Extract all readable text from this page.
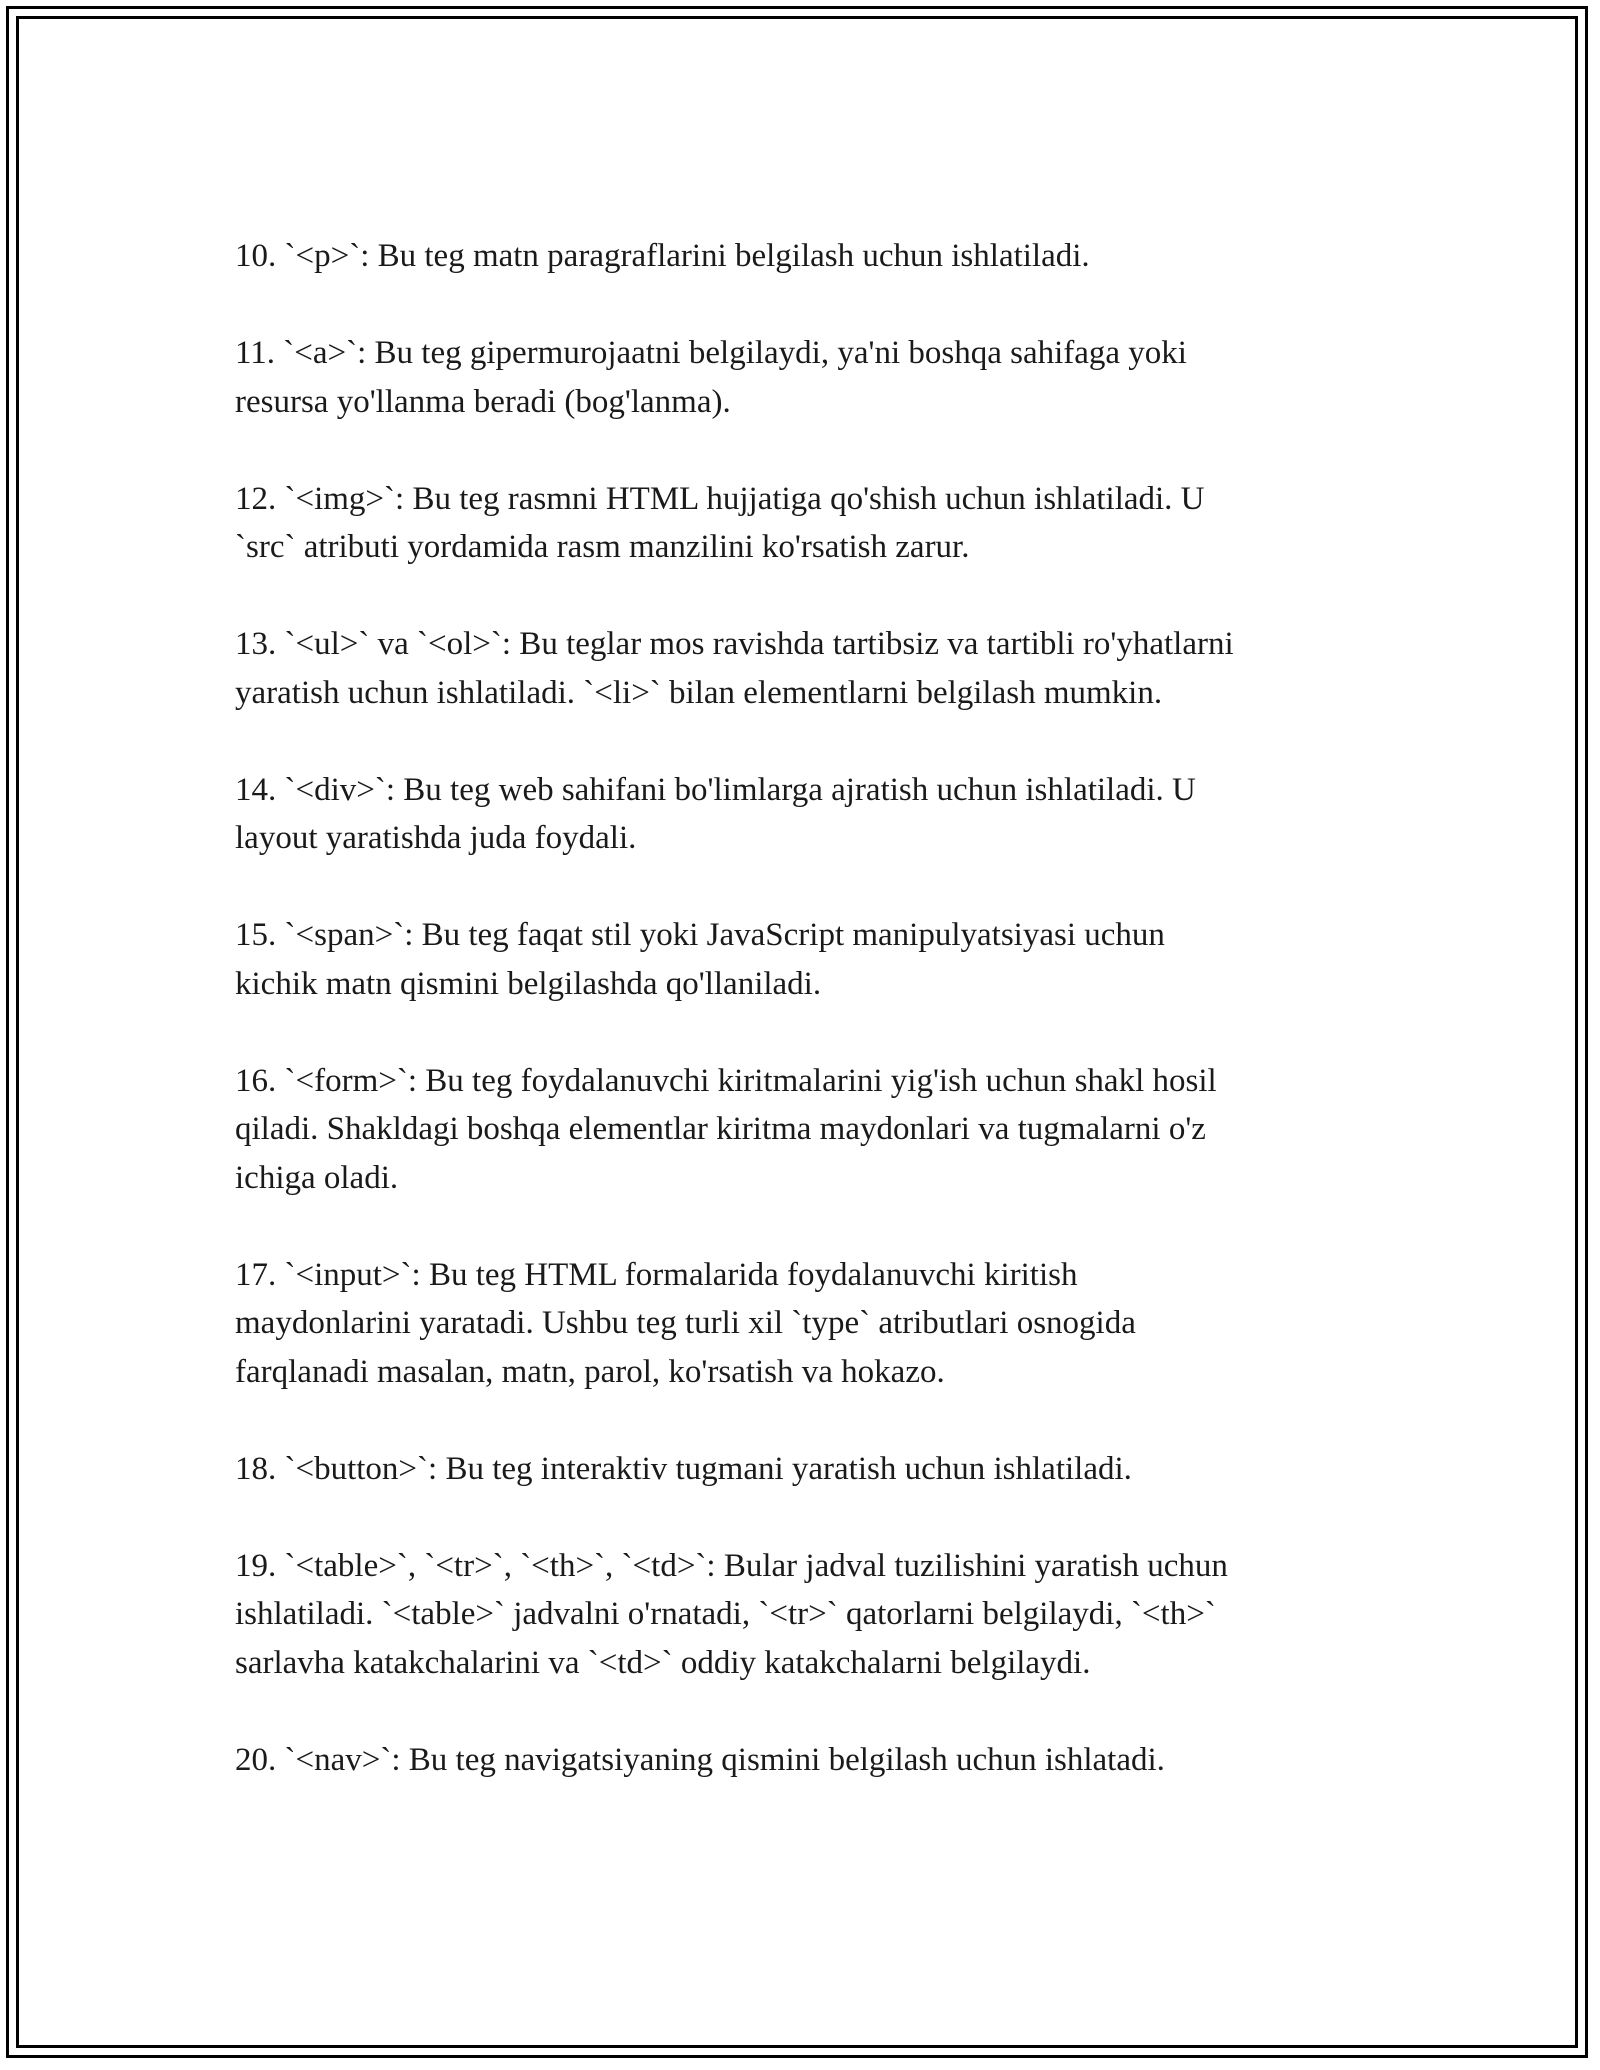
10. `<p>`: Bu teg matn paragraflarini belgilash uchun ishlatiladi.
11. `<a>`: Bu teg gipermurojaatni belgilaydi, ya'ni boshqa sahifaga yoki
resursa yo'llanma beradi (bog'lanma).
12. `<img>`: Bu teg rasmni HTML hujjatiga qo'shish uchun ishlatiladi. U
`src` atributi yordamida rasm manzilini ko'rsatish zarur.
13. `<ul>` va `<ol>`: Bu teglar mos ravishda tartibsiz va tartibli ro'yhatlarni
yaratish uchun ishlatiladi. `<li>` bilan elementlarni belgilash mumkin.
14. `<div>`: Bu teg web sahifani bo'limlarga ajratish uchun ishlatiladi. U
layout yaratishda juda foydali.
15. `<span>`: Bu teg faqat stil yoki JavaScript manipulyatsiyasi uchun
kichik matn qismini belgilashda qo'llaniladi.
16. `<form>`: Bu teg foydalanuvchi kiritmalarini yig'ish uchun shakl hosil
qiladi. Shakldagi boshqa elementlar kiritma maydonlari va tugmalarni o'z
ichiga oladi.
17. `<input>`: Bu teg HTML formalarida foydalanuvchi kiritish
maydonlarini yaratadi. Ushbu teg turli xil `type` atributlari osnogida
farqlanadi masalan, matn, parol, ko'rsatish va hokazo.
18. `<button>`: Bu teg interaktiv tugmani yaratish uchun ishlatiladi.
19. `<table>`, `<tr>`, `<th>`, `<td>`: Bular jadval tuzilishini yaratish uchun
ishlatiladi. `<table>` jadvalni o'rnatadi, `<tr>` qatorlarni belgilaydi, `<th>`
sarlavha katakchalarini va `<td>` oddiy katakchalarni belgilaydi.
20. `<nav>`: Bu teg navigatsiyaning qismini belgilash uchun ishlatadi.
